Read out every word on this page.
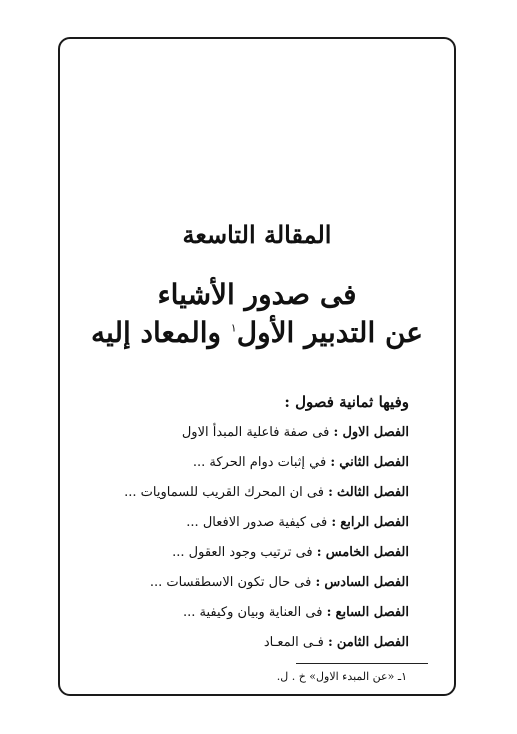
المقالة التاسعة
فى صدور الأشياء
عن التدبير الأول$^١$ والمعاد إليه
وفيها ثمانية فصول :
الفصل الاول : فى صفة فاعلية المبدأ الاول
الفصل الثاني : في إثبات دوام الحركة ...
الفصل الثالث : فى ان المحرك القريب للسماويات ...
الفصل الرابع : فى كيفية صدور الافعال ...
الفصل الخامس : فى ترتيب وجود العقول ...
الفصل السادس : فى حال تكون الاسطقسات ...
الفصل السابع : فى العناية وبيان وكيفية ...
الفصل الثامن : فـى المعـاد
١ـ «عن المبدء الاول» خ . ل.
